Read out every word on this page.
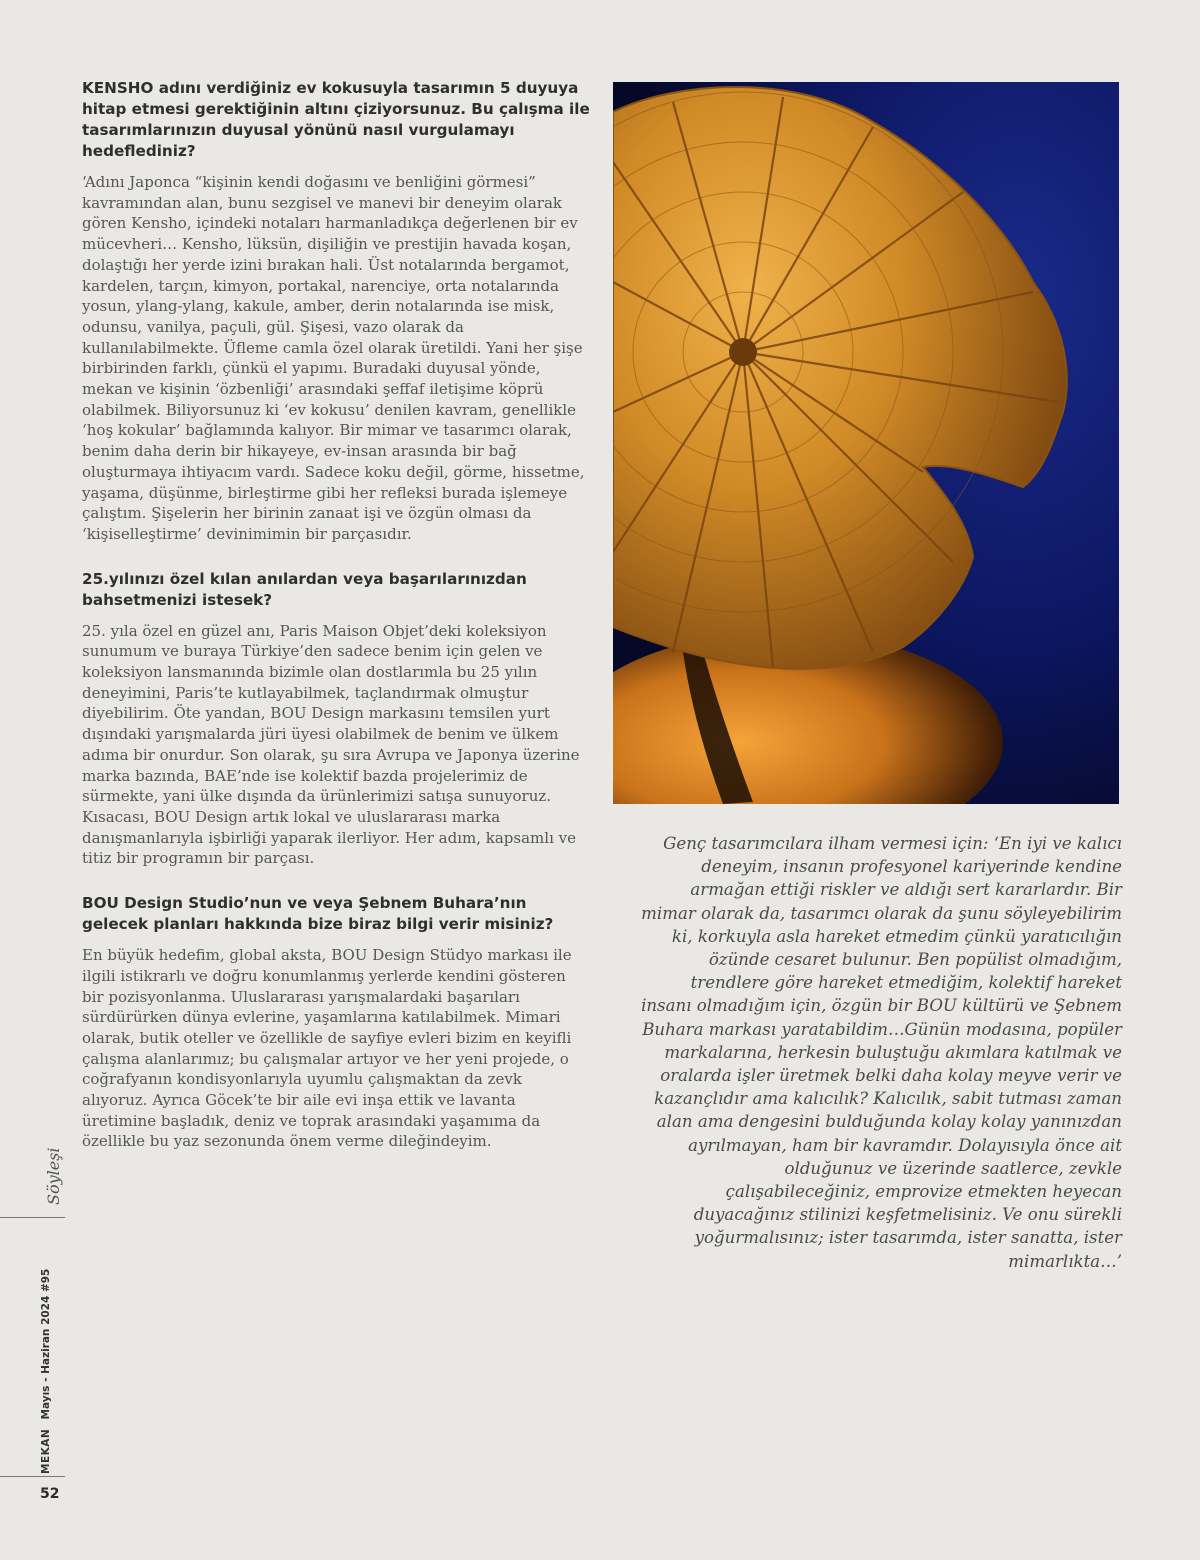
KENSHO adını verdiğiniz ev kokusuyla tasarımın 5 duyuya hitap etmesi gerektiğinin altını çiziyorsunuz. Bu çalışma ile tasarımlarınızın duyusal yönünü nasıl vurgulamayı hedeflediniz?

‘Adını Japonca “kişinin kendi doğasını ve benliğini görmesi” kavramından alan, bunu sezgisel ve manevi bir deneyim olarak gören Kensho, içindeki notaları harmanladıkça değerlenen bir ev mücevheri… Kensho, lüksün, dişiliğin ve prestijin havada koşan, dolaştığı her yerde izini bırakan hali. Üst notalarında bergamot, kardelen, tarçın, kimyon, portakal, narenciye, orta notalarında yosun, ylang-ylang, kakule, amber, derin notalarında ise misk, odunsu, vanilya, paçuli, gül. Şişesi, vazo olarak da kullanılabilmekte. Üfleme camla özel olarak üretildi. Yani her şişe birbirinden farklı, çünkü el yapımı. Buradaki duyusal yönde, mekan ve kişinin ‘özbenliği’ arasındaki şeffaf iletişime köprü olabilmek. Biliyorsunuz ki ‘ev kokusu’ denilen kavram, genellikle ‘hoş kokular’ bağlamında kalıyor. Bir mimar ve tasarımcı olarak, benim daha derin bir hikayeye, ev-insan arasında bir bağ oluşturmaya ihtiyacım vardı. Sadece koku değil, görme, hissetme, yaşama, düşünme, birleştirme gibi her refleksi burada işlemeye çalıştım. Şişelerin her birinin zanaat işi ve özgün olması da ‘kişiselleştirme’ devinimimin bir parçasıdır.

25.yılınızı özel kılan anılardan veya başarılarınızdan bahsetmenizi istesek?

25. yıla özel en güzel anı, Paris Maison Objet’deki koleksiyon sunumum ve buraya Türkiye’den sadece benim için gelen ve koleksiyon lansmanında bizimle olan dostlarımla bu 25 yılın deneyimini, Paris’te kutlayabilmek, taçlandırmak olmuştur diyebilirim. Öte yandan, BOU Design markasını temsilen yurt dışındaki yarışmalarda jüri üyesi olabilmek de benim ve ülkem adıma bir onurdur. Son olarak, şu sıra Avrupa ve Japonya üzerine marka bazında, BAE’nde ise kolektif bazda projelerimiz de sürmekte, yani ülke dışında da ürünlerimizi satışa sunuyoruz. Kısacası, BOU Design artık lokal ve uluslararası marka danışmanlarıyla işbirliği yaparak ilerliyor. Her adım, kapsamlı ve titiz bir programın bir parçası.

BOU Design Studio’nun ve veya Şebnem Buhara’nın gelecek planları hakkında bize biraz bilgi verir misiniz?

En büyük hedefim, global aksta, BOU Design Stüdyo markası ile ilgili istikrarlı ve doğru konumlanmış yerlerde kendini gösteren bir pozisyonlanma. Uluslararası yarışmalardaki başarıları sürdürürken dünya evlerine, yaşamlarına katılabilmek. Mimari olarak, butik oteller ve özellikle de sayfiye evleri bizim en keyifli çalışma alanlarımız; bu çalışmalar artıyor ve her yeni projede, o coğrafyanın kondisyonlarıyla uyumlu çalışmaktan da zevk alıyoruz. Ayrıca Göcek’te bir aile evi inşa ettik ve lavanta üretimine başladık, deniz ve toprak arasındaki yaşamıma da özellikle bu yaz sezonunda önem verme dileğindeyim.

Genç tasarımcılara ilham vermesi için: ‘En iyi ve kalıcı deneyim, insanın profesyonel kariyerinde kendine armağan ettiği riskler ve aldığı sert kararlardır. Bir mimar olarak da, tasarımcı olarak da şunu söyleyebilirim ki, korkuyla asla hareket etmedim çünkü yaratıcılığın özünde cesaret bulunur. Ben popülist olmadığım, trendlere göre hareket etmediğim, kolektif hareket insanı olmadığım için, özgün bir BOU kültürü ve Şebnem Buhara markası yaratabildim…Günün modasına, popüler markalarına, herkesin buluştuğu akımlara katılmak ve oralarda işler üretmek belki daha kolay meyve verir ve kazançlıdır ama kalıcılık? Kalıcılık, sabit tutması zaman alan ama dengesini bulduğunda kolay kolay yanınızdan ayrılmayan, ham bir kavramdır. Dolayısıyla önce ait olduğunuz ve üzerinde saatlerce, zevkle çalışabileceğiniz, emprovize etmekten heyecan duyacağınız stilinizi keşfetmelisiniz. Ve onu sürekli yoğurmalısınız; ister tasarımda, ister sanatta, ister mimarlıkta…’

Söyleşi
MEKAN Mayıs - Haziran 2024 #95
52
